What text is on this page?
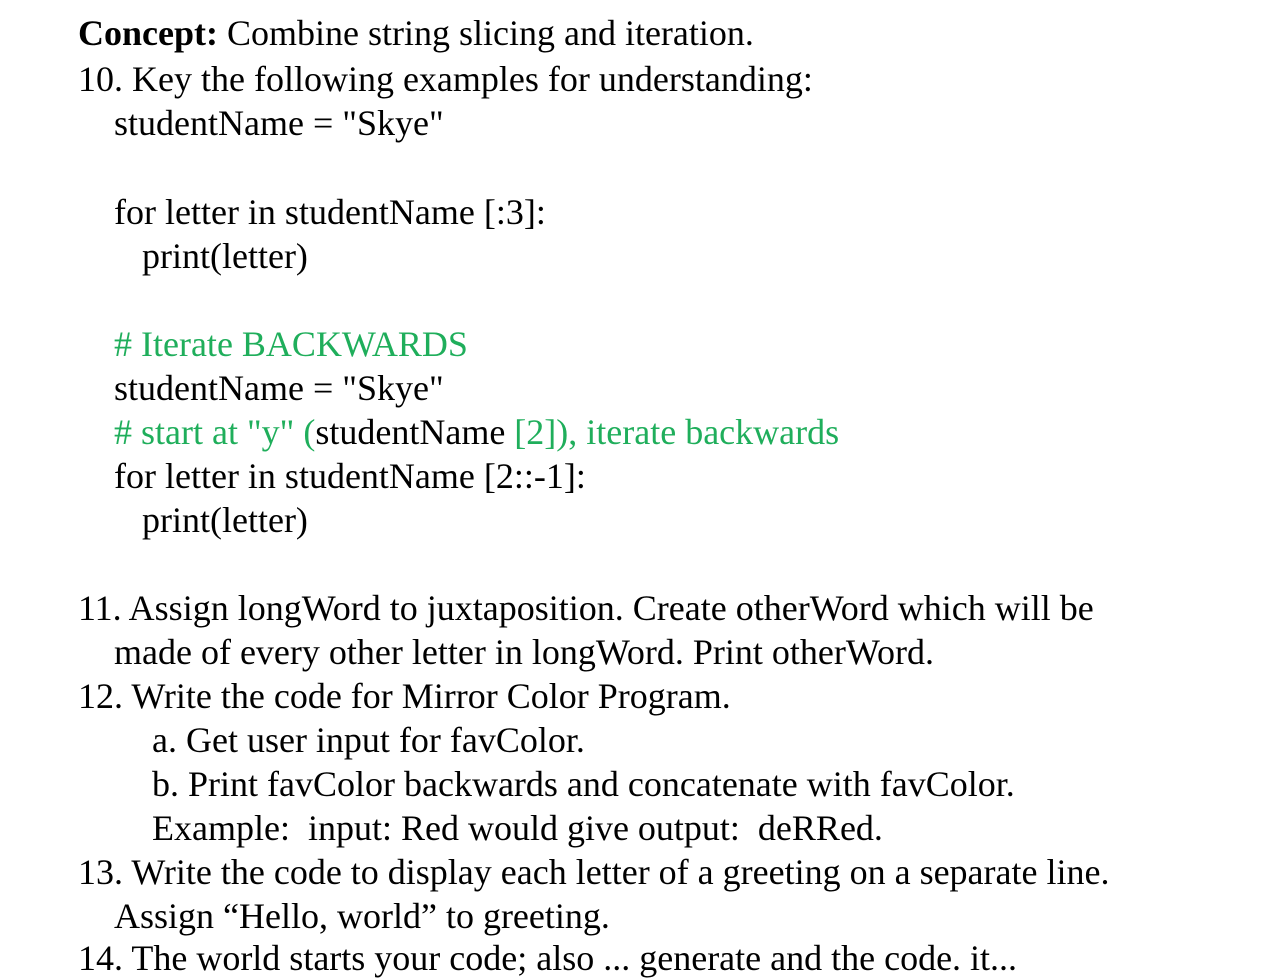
Concept: Combine string slicing and iteration.
10. Key the following examples for understanding:
studentName = "Skye"
for letter in studentName [:3]:
print(letter)
# Iterate BACKWARDS
studentName = "Skye"
# start at "y" (studentName [2]), iterate backwards
for letter in studentName [2::-1]:
print(letter)
11. Assign longWord to juxtaposition. Create otherWord which will be
made of every other letter in longWord. Print otherWord.
12. Write the code for Mirror Color Program.
a. Get user input for favColor.
b. Print favColor backwards and concatenate with favColor.
Example:  input: Red would give output:  deRRed.
13. Write the code to display each letter of a greeting on a separate line.
Assign “Hello, world” to greeting.
14. The world starts your code; also ... generate and the code. it...
